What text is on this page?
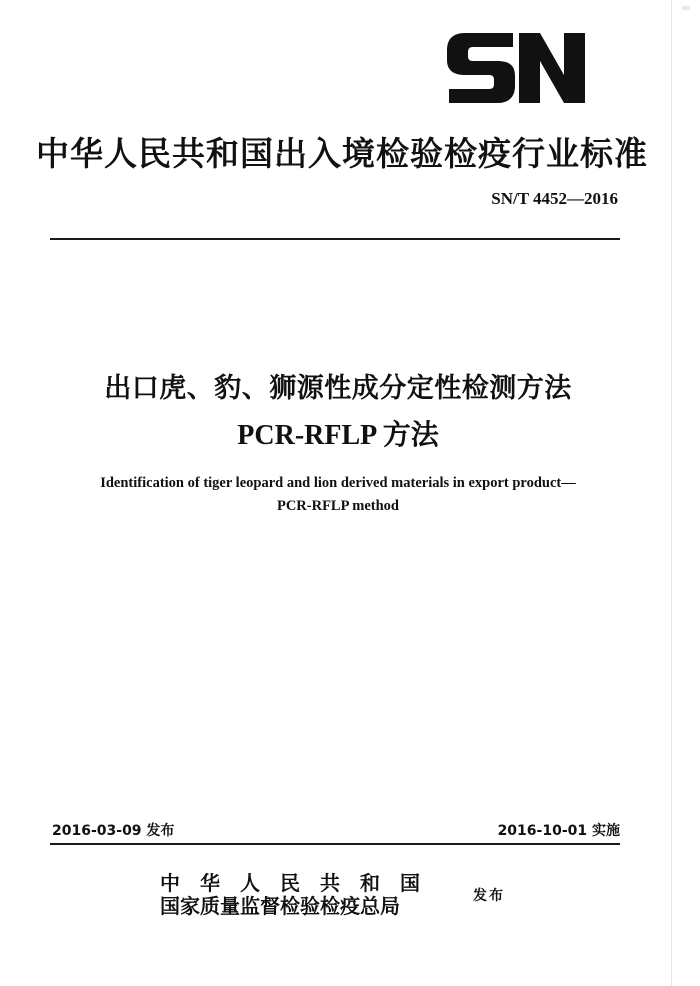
中华人民共和国出入境检验检疫行业标准
SN/T 4452—2016
出口虎、豹、狮源性成分定性检测方法
PCR-RFLP 方法
Identification of tiger leopard and lion derived materials in export product—
PCR-RFLP method
2016-03-09 发布	2016-10-01 实施
中华人民共和国
国家质量监督检验检疫总局	发布
